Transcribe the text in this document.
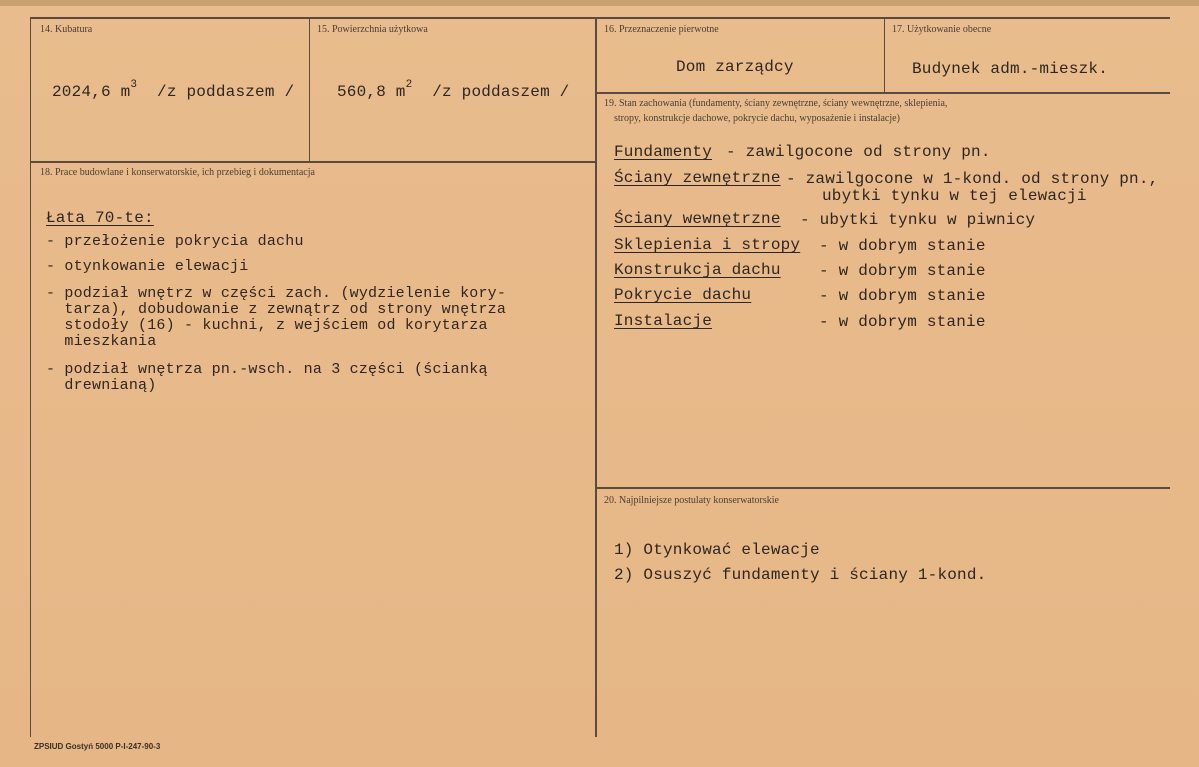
14. Kubatura
2024,6 $m^3$ /z poddaszem /
15. Powierzchnia użytkowa
560,8 $m^2$ /z poddaszem /
16. Przeznaczenie pierwotne
Dom zarządcy
17. Użytkowanie obecne
Budynek adm.-mieszk.
18. Prace budowlane i konserwatorskie, ich przebieg i dokumentacja
Łata 70-te:
- przełożenie pokrycia dachu
- otynkowanie elewacji
- podział wnętrz w części zach. (wydzielenie kory-
tarza), dobudowanie z zewnątrz od strony wnętrza
stodoły (16) - kuchni, z wejściem od korytarza
mieszkania
- podział wnętrza pn.-wsch. na 3 części (ścianką
drewnianą)
19. Stan zachowania (fundamenty, ściany zewnętrzne, ściany wewnętrzne, sklepienia,
stropy, konstrukcje dachowe, pokrycie dachu, wyposażenie i instalacje)
Fundamenty - zawilgocone od strony pn.
Ściany zewnętrzne - zawilgocone w 1-kond. od strony pn.,
ubytki tynku w tej elewacji
Ściany wewnętrzne - ubytki tynku w piwnicy
Sklepienia i stropy - w dobrym stanie
Konstrukcja dachu - w dobrym stanie
Pokrycie dachu	- w dobrym stanie
Instalacje	- w dobrym stanie
20. Najpilniejsze postulaty konserwatorskie
1) Otynkować elewacje
2) Osuszyć fundamenty i ściany 1-kond.
ZPSIUD Gostyń 5000 P-I-247-90-3
